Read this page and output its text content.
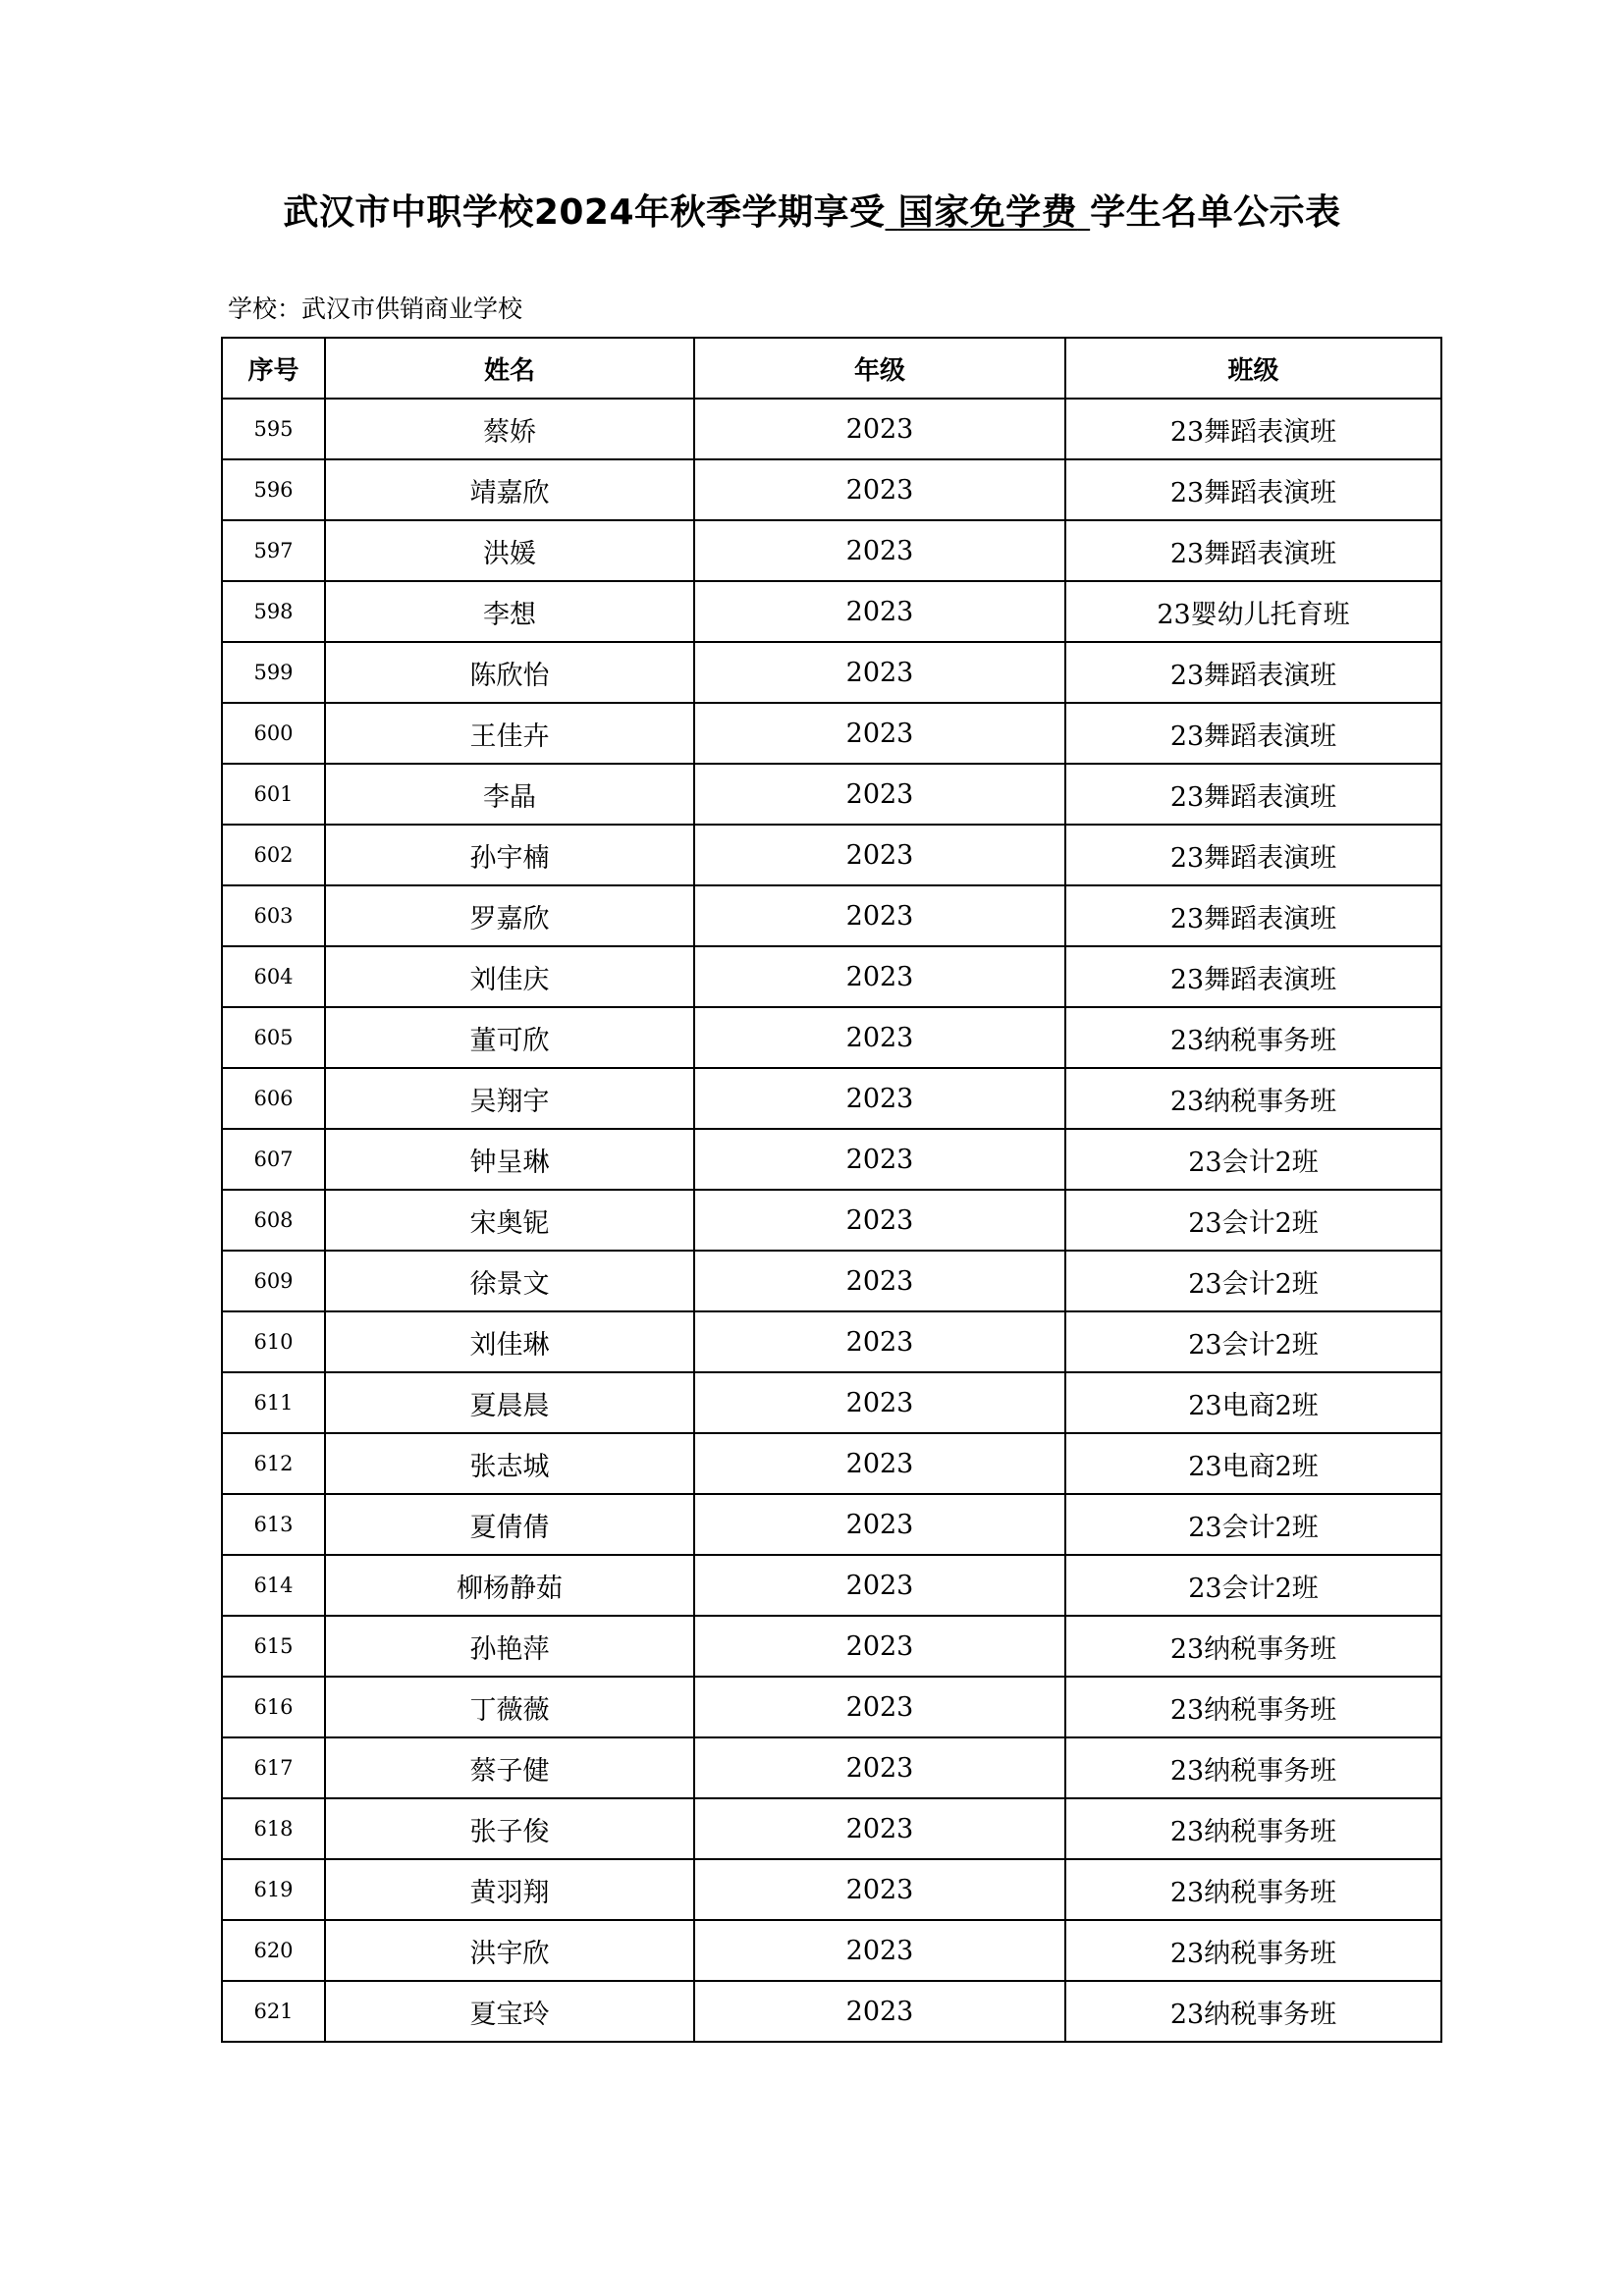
武汉市中职学校2024年秋季学期享受 国家免学费 学生名单公示表
学校：武汉市供销商业学校
序号	姓名	年级	班级
595	蔡娇	2023	23舞蹈表演班
596	靖嘉欣	2023	23舞蹈表演班
597	洪媛	2023	23舞蹈表演班
598	李想	2023	23婴幼儿托育班
599	陈欣怡	2023	23舞蹈表演班
600	王佳卉	2023	23舞蹈表演班
601	李晶	2023	23舞蹈表演班
602	孙宇楠	2023	23舞蹈表演班
603	罗嘉欣	2023	23舞蹈表演班
604	刘佳庆	2023	23舞蹈表演班
605	董可欣	2023	23纳税事务班
606	吴翔宇	2023	23纳税事务班
607	钟呈琳	2023	23会计2班
608	宋奥铌	2023	23会计2班
609	徐景文	2023	23会计2班
610	刘佳琳	2023	23会计2班
611	夏晨晨	2023	23电商2班
612	张志城	2023	23电商2班
613	夏倩倩	2023	23会计2班
614	柳杨静茹	2023	23会计2班
615	孙艳萍	2023	23纳税事务班
616	丁薇薇	2023	23纳税事务班
617	蔡子健	2023	23纳税事务班
618	张子俊	2023	23纳税事务班
619	黄羽翔	2023	23纳税事务班
620	洪宇欣	2023	23纳税事务班
621	夏宝玲	2023	23纳税事务班
